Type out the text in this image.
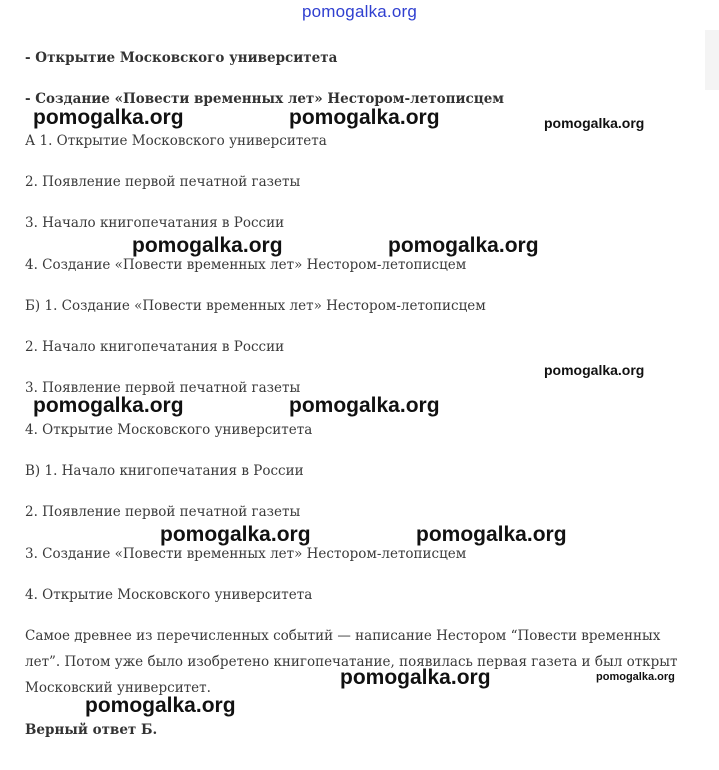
pomogalka.org
- Открытие Московского университета
- Создание «Повести временных лет» Нестором-летописцем
А 1. Открытие Московского университета
2. Появление первой печатной газеты
3. Начало книгопечатания в России
4. Создание «Повести временных лет» Нестором-летописцем
Б) 1. Создание «Повести временных лет» Нестором-летописцем
2. Начало книгопечатания в России
3. Появление первой печатной газеты
4. Открытие Московского университета
В) 1. Начало книгопечатания в России
2. Появление первой печатной газеты
3. Создание «Повести временных лет» Нестором-летописцем
4. Открытие Московского университета
Самое древнее из перечисленных событий — написание Нестором “Повести временных лет”. Потом уже было изобретено книгопечатание, появилась первая газета и был открыт Московский университет.
Верный ответ Б.
pomogalka.org	pomogalka.org	pomogalka.org
pomogalka.org	pomogalka.org
pomogalka.org
pomogalka.org	pomogalka.org
pomogalka.org	pomogalka.org
pomogalka.org	pomogalka.org
pomogalka.org
